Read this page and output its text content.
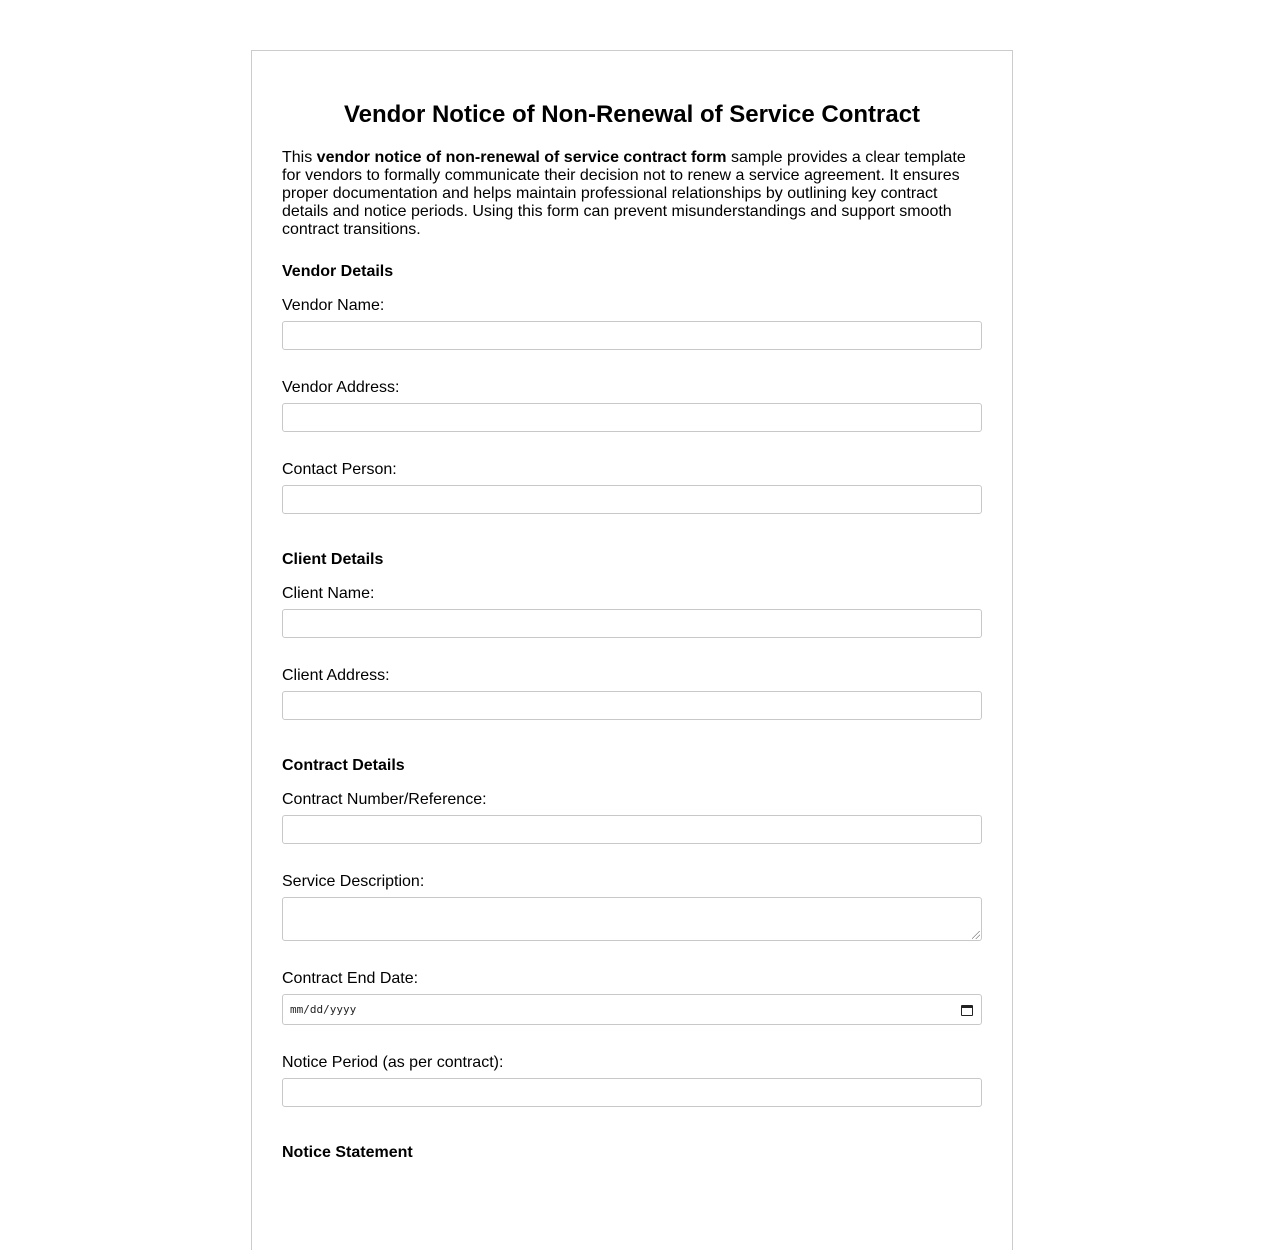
Vendor Notice of Non-Renewal of Service Contract

This vendor notice of non-renewal of service contract form sample provides a clear template for vendors to formally communicate their decision not to renew a service agreement. It ensures proper documentation and helps maintain professional relationships by outlining key contract details and notice periods. Using this form can prevent misunderstandings and support smooth contract transitions.

Vendor Details
Vendor Name:
Vendor Address:
Contact Person:
Client Details
Client Name:
Client Address:
Contract Details
Contract Number/Reference:
Service Description:
Contract End Date:
mm/dd/yyyy
Notice Period (as per contract):
Notice Statement
